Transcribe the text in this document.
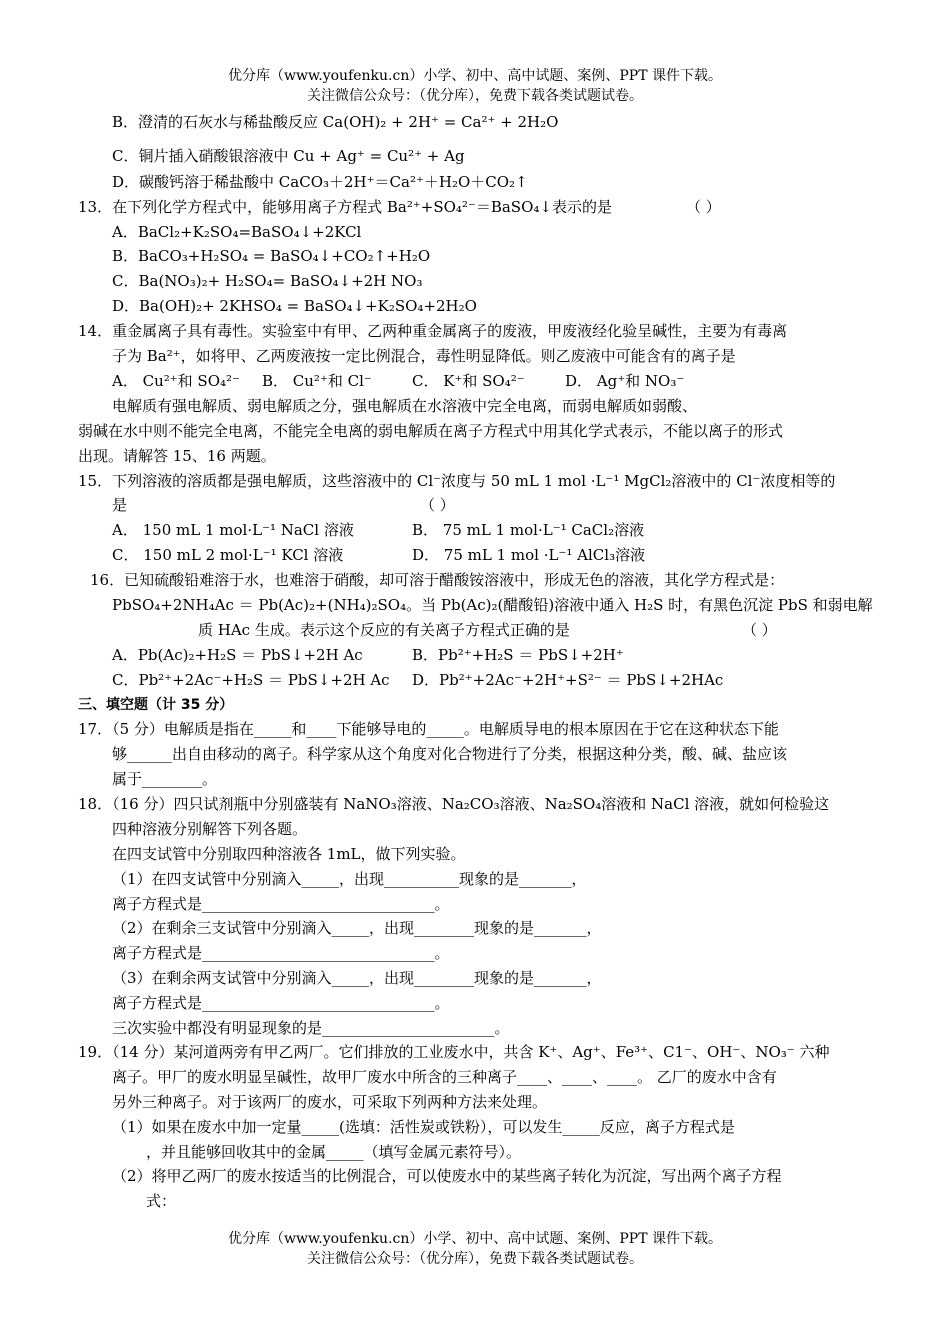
优分库（www.youfenku.cn）小学、初中、高中试题、案例、PPT 课件下载。
关注微信公众号：（优分库），免费下载各类试题试卷。
B．澄清的石灰水与稀盐酸反应 Ca(OH)₂ + 2H⁺ = Ca²⁺ + 2H₂O
C．铜片插入硝酸银溶液中 Cu + Ag⁺ = Cu²⁺ + Ag
D．碳酸钙溶于稀盐酸中 CaCO₃＋2H⁺＝Ca²⁺＋H₂O＋CO₂↑
13．在下列化学方程式中，能够用离子方程式 Ba²⁺+SO₄²⁻＝BaSO₄↓表示的是	（ ）
A．BaCl₂+K₂SO₄=BaSO₄↓+2KCl
B．BaCO₃+H₂SO₄ = BaSO₄↓+CO₂↑+H₂O
C．Ba(NO₃)₂+ H₂SO₄= BaSO₄↓+2H NO₃
D．Ba(OH)₂+ 2KHSO₄ = BaSO₄↓+K₂SO₄+2H₂O
14．重金属离子具有毒性。实验室中有甲、乙两种重金属离子的废液，甲废液经化验呈碱性，主要为有毒离
子为 Ba²⁺，如将甲、乙两废液按一定比例混合，毒性明显降低。则乙废液中可能含有的离子是
A． Cu²⁺和 SO₄²⁻ B． Cu²⁺和 Cl⁻	C． K⁺和 SO₄²⁻	D． Ag⁺和 NO₃⁻
电解质有强电解质、弱电解质之分，强电解质在水溶液中完全电离，而弱电解质如弱酸、
弱碱在水中则不能完全电离，不能完全电离的弱电解质在离子方程式中用其化学式表示，不能以离子的形式
出现。请解答 15、16 两题。
15．下列溶液的溶质都是强电解质，这些溶液中的 Cl⁻浓度与 50 mL 1 mol ·L⁻¹ MgCl₂溶液中的 Cl⁻浓度相等的
是	（ ）
A． 150 mL 1 mol·L⁻¹ NaCl 溶液	B． 75 mL 1 mol·L⁻¹ CaCl₂溶液
C． 150 mL 2 mol·L⁻¹ KCl 溶液	D． 75 mL 1 mol ·L⁻¹ AlCl₃溶液
16．已知硫酸铅难溶于水，也难溶于硝酸，却可溶于醋酸铵溶液中，形成无色的溶液，其化学方程式是：
PbSO₄+2NH₄Ac ＝ Pb(Ac)₂+(NH₄)₂SO₄。当 Pb(Ac)₂(醋酸铅)溶液中通入 H₂S 时，有黑色沉淀 PbS 和弱电解
质 HAc 生成。表示这个反应的有关离子方程式正确的是	（ ）
A．Pb(Ac)₂+H₂S ＝ PbS↓+2H Ac	B．Pb²⁺+H₂S ＝ PbS↓+2H⁺
C．Pb²⁺+2Ac⁻+H₂S ＝ PbS↓+2H Ac D．Pb²⁺+2Ac⁻+2H⁺+S²⁻ ＝ PbS↓+2HAc
三、填空题（计 35 分）
17．（5 分）电解质是指在_____和____下能够导电的_____。电解质导电的根本原因在于它在这种状态下能
够______出自由移动的离子。科学家从这个角度对化合物进行了分类，根据这种分类，酸、碱、盐应该
属于________。
18．（16 分）四只试剂瓶中分别盛装有 NaNO₃溶液、Na₂CO₃溶液、Na₂SO₄溶液和 NaCl 溶液，就如何检验这
四种溶液分别解答下列各题。
在四支试管中分别取四种溶液各 1mL，做下列实验。
（1）在四支试管中分别滴入_____，出现__________现象的是_______，
离子方程式是_______________________________。
（2）在剩余三支试管中分别滴入_____，出现________现象的是_______，
离子方程式是_______________________________。
（3）在剩余两支试管中分别滴入_____，出现________现象的是_______，
离子方程式是_______________________________。
三次实验中都没有明显现象的是_______________________。
19．（14 分）某河道两旁有甲乙两厂。它们排放的工业废水中，共含 K⁺、Ag⁺、Fe³⁺、C1⁻、OH⁻、NO₃⁻ 六种
离子。甲厂的废水明显呈碱性，故甲厂废水中所含的三种离子____、____、____。 乙厂的废水中含有
另外三种离子。对于该两厂的废水，可采取下列两种方法来处理。
（1）如果在废水中加一定量_____(选填：活性炭或铁粉），可以发生_____反应，离子方程式是
，并且能够回收其中的金属_____（填写金属元素符号）。
（2）将甲乙两厂的废水按适当的比例混合，可以使废水中的某些离子转化为沉淀，写出两个离子方程
式：
优分库（www.youfenku.cn）小学、初中、高中试题、案例、PPT 课件下载。
关注微信公众号：（优分库），免费下载各类试题试卷。
